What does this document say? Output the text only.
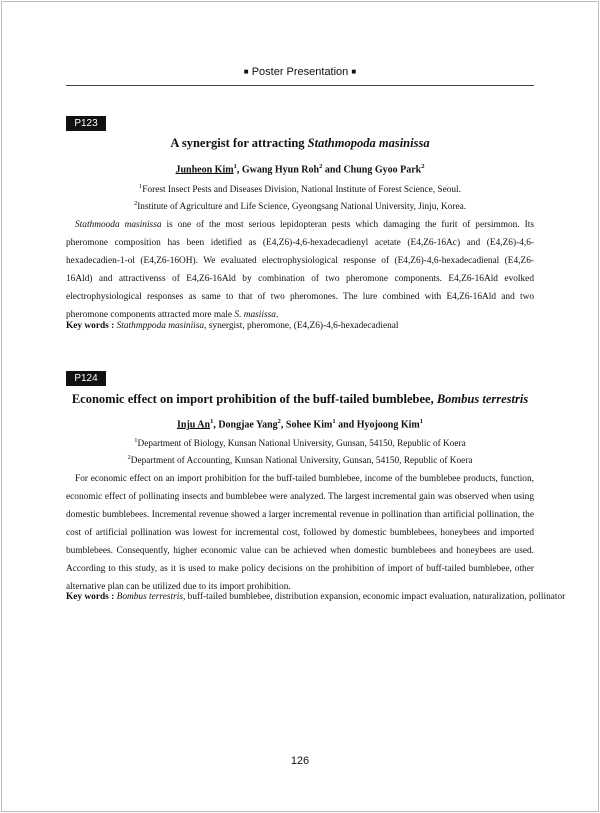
■ Poster Presentation ■
P123
A synergist for attracting Stathmopoda masinissa
Junheon Kim$^1$, Gwang Hyun Roh$^2$ and Chung Gyoo Park$^2$
$^1$Forest Insect Pests and Diseases Division, National Institute of Forest Science, Seoul.
$^2$Institute of Agriculture and Life Science, Gyeongsang National University, Jinju, Korea.

Stathmooda masinissa is one of the most serious lepidopteran pests which damaging the furit of persimmon. Its pheromone composition has been idetified as (E4,Z6)-4,6-hexadecadienyl acetate (E4,Z6-16Ac) and (E4,Z6)-4,6-hexadecadien-1-ol (E4,Z6-16OH). We evaluated electrophysiological response of (E4,Z6)-4,6-hexadecadienal (E4,Z6-16Ald) and attractivenss of E4,Z6-16Ald by combination of two pheromone components. E4,Z6-16Ald evolked electrophysiological responses as same to that of two pheromones. The lure combined with E4,Z6-16Ald and two pheromone components attracted more male S. masiissa.

Key words : Stathmppoda masiniisa, synergist, pheromone, (E4,Z6)-4,6-hexadecadienal
P124
Economic effect on import prohibition of the buff-tailed bumblebee, Bombus terrestris
Inju An$^1$, Dongjae Yang$^2$, Sohee Kim$^1$ and Hyojoong Kim$^1$
$^1$Department of Biology, Kunsan National University, Gunsan, 54150, Republic of Koera
$^2$Department of Accounting, Kunsan National University, Gunsan, 54150, Republic of Koera

For economic effect on an import prohibition for the buff-tailed bumblebee, income of the bumblebee products, function, economic effect of pollinating insects and bumblebee were analyzed. The largest incremental gain was observed when using domestic bumblebees. Incremental revenue showed a larger incremental revenue in pollination than artificial pollination, the cost of artificial pollination was lowest for incremental cost, followed by domestic bumblebees, honeybees and imported bumblebees. Consequently, higher economic value can be achieved when domestic bumblebees and honeybees are used. According to this study, as it is used to make policy decisions on the prohibition of import of buff-tailed bumblebee, other alternative plan can be utilized due to its import prohibition.

Key words : Bombus terrestris, buff-tailed bumblebee, distribution expansion, economic impact evaluation, naturalization, pollinator
126
